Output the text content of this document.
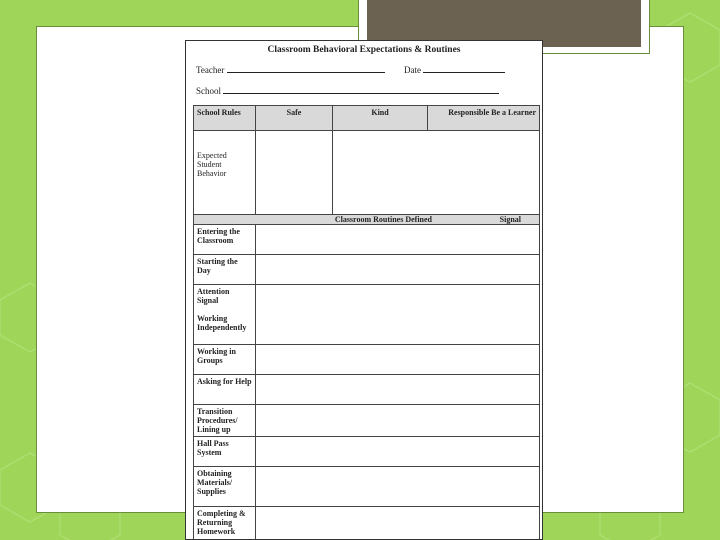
Classroom Behavioral Expectations & Routines
Teacher	Date
School
School Rules	Safe	Kind	Responsible Be a Learner
Expected Student Behavior			
Classroom Routines Defined Signal			

Entering the Classroom			
Starting the Day			

Attention Signal
Working Independently			

Working in Groups			
Asking for Help			
Transition Procedures/ Lining up			
Hall Pass System			
Obtaining Materials/ Supplies			
Completing & Returning Homework			
